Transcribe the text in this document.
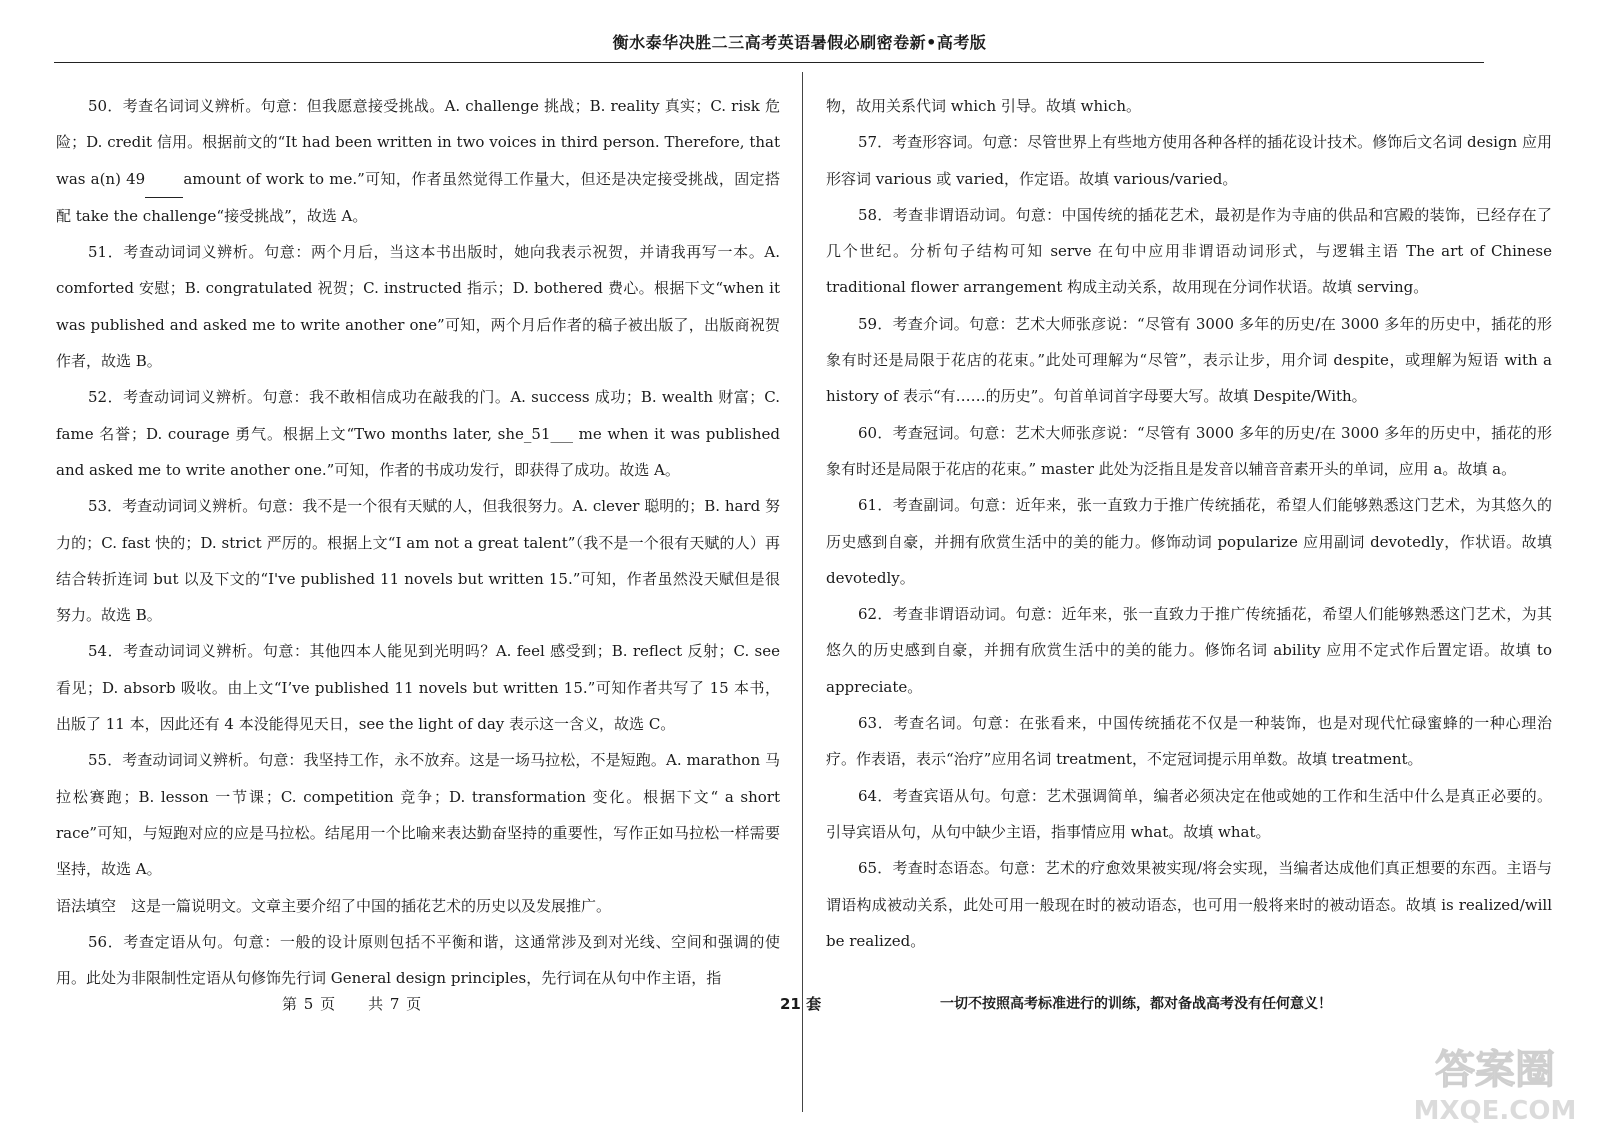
衡水泰华决胜二三高考英语暑假必刷密卷新•高考版

50．考查名词词义辨析。句意：但我愿意接受挑战。A. challenge 挑战；B. reality 真实；C. risk 危险；D. credit 信用。根据前文的“It had been written in two voices in third person. Therefore, that was a(n) 49	amount of work to me.”可知，作者虽然觉得工作量大，但还是决定接受挑战，固定搭配 take the challenge“接受挑战”，故选 A。

51．考查动词词义辨析。句意：两个月后，当这本书出版时，她向我表示祝贺，并请我再写一本。A. comforted 安慰；B. congratulated 祝贺；C. instructed 指示；D. bothered 费心。根据下文“when it was published and asked me to write another one”可知，两个月后作者的稿子被出版了，出版商祝贺作者，故选 B。

52．考查动词词义辨析。句意：我不敢相信成功在敲我的门。A. success 成功；B. wealth 财富；C. fame 名誉；D. courage 勇气。根据上文“Two months later, she_51___ me when it was published and asked me to write another one.”可知，作者的书成功发行，即获得了成功。故选 A。

53．考查动词词义辨析。句意：我不是一个很有天赋的人，但我很努力。A. clever 聪明的；B. hard 努力的；C. fast 快的；D. strict 严厉的。根据上文“I am not a great talent”（我不是一个很有天赋的人）再结合转折连词 but 以及下文的“I've published 11 novels but written 15.”可知，作者虽然没天赋但是很努力。故选 B。

54．考查动词词义辨析。句意：其他四本人能见到光明吗？A. feel 感受到；B. reflect 反射；C. see 看见；D. absorb 吸收。由上文“I’ve published 11 novels but written 15.”可知作者共写了 15 本书，出版了 11 本，因此还有 4 本没能得见天日，see the light of day 表示这一含义，故选 C。

55．考查动词词义辨析。句意：我坚持工作，永不放弃。这是一场马拉松，不是短跑。A. marathon 马拉松赛跑；B. lesson 一节课；C. competition 竞争；D. transformation 变化。根据下文“ a short race”可知，与短跑对应的应是马拉松。结尾用一个比喻来表达勤奋坚持的重要性，写作正如马拉松一样需要坚持，故选 A。

语法填空　这是一篇说明文。文章主要介绍了中国的插花艺术的历史以及发展推广。

56．考查定语从句。句意：一般的设计原则包括不平衡和谐，这通常涉及到对光线、空间和强调的使用。此处为非限制性定语从句修饰先行词 General design principles，先行词在从句中作主语，指

物，故用关系代词 which 引导。故填 which。

57．考查形容词。句意：尽管世界上有些地方使用各种各样的插花设计技术。修饰后文名词 design 应用形容词 various 或 varied，作定语。故填 various/varied。

58．考查非谓语动词。句意：中国传统的插花艺术，最初是作为寺庙的供品和宫殿的装饰，已经存在了几个世纪。分析句子结构可知 serve 在句中应用非谓语动词形式，与逻辑主语 The art of Chinese traditional flower arrangement 构成主动关系，故用现在分词作状语。故填 serving。

59．考查介词。句意：艺术大师张彦说：“尽管有 3000 多年的历史/在 3000 多年的历史中，插花的形象有时还是局限于花店的花束。”此处可理解为“尽管”，表示让步，用介词 despite，或理解为短语 with a history of 表示“有……的历史”。句首单词首字母要大写。故填 Despite/With。

60．考查冠词。句意：艺术大师张彦说：“尽管有 3000 多年的历史/在 3000 多年的历史中，插花的形象有时还是局限于花店的花束。” master 此处为泛指且是发音以辅音音素开头的单词，应用 a。故填 a。

61．考查副词。句意：近年来，张一直致力于推广传统插花，希望人们能够熟悉这门艺术，为其悠久的历史感到自豪，并拥有欣赏生活中的美的能力。修饰动词 popularize 应用副词 devotedly，作状语。故填 devotedly。

62．考查非谓语动词。句意：近年来，张一直致力于推广传统插花，希望人们能够熟悉这门艺术，为其悠久的历史感到自豪，并拥有欣赏生活中的美的能力。修饰名词 ability 应用不定式作后置定语。故填 to appreciate。

63．考查名词。句意：在张看来，中国传统插花不仅是一种装饰，也是对现代忙碌蜜蜂的一种心理治疗。作表语，表示“治疗”应用名词 treatment，不定冠词提示用单数。故填 treatment。

64．考查宾语从句。句意：艺术强调简单，编者必须决定在他或她的工作和生活中什么是真正必要的。引导宾语从句，从句中缺少主语，指事情应用 what。故填 what。

65．考查时态语态。句意：艺术的疗愈效果被实现/将会实现，当编者达成他们真正想要的东西。主语与谓语构成被动关系，此处可用一般现在时的被动语态，也可用一般将来时的被动语态。故填 is realized/will be realized。

第 5 页　　共 7 页	21 套	一切不按照高考标准进行的训练，都对备战高考没有任何意义！
答案圈
MXQE.COM
